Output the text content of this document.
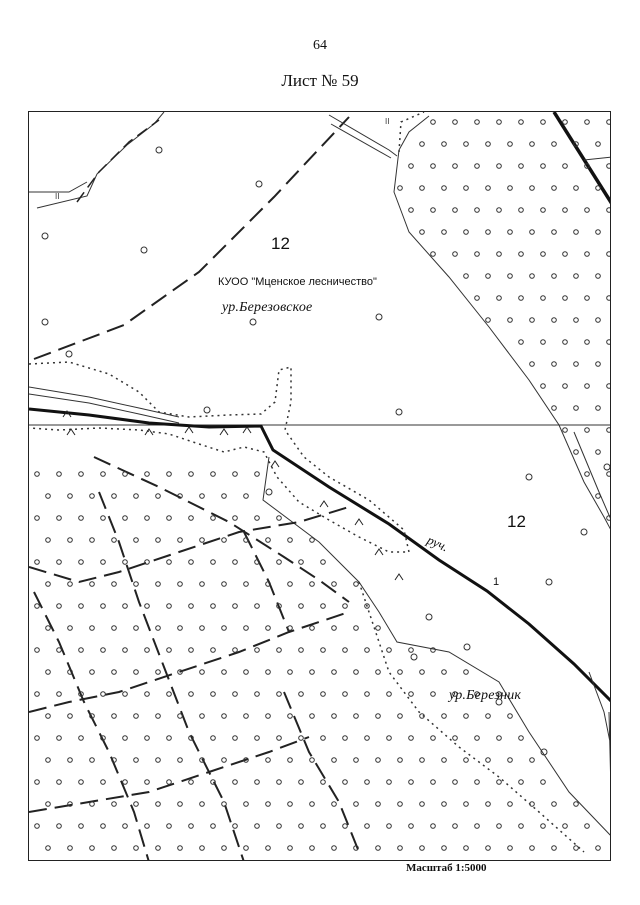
64
Лист № 59
II
II
12
КУОО "Мценское лесничество"
ур.Березовское
12
руч.
1
ур.Березник
Масштаб 1:5000
